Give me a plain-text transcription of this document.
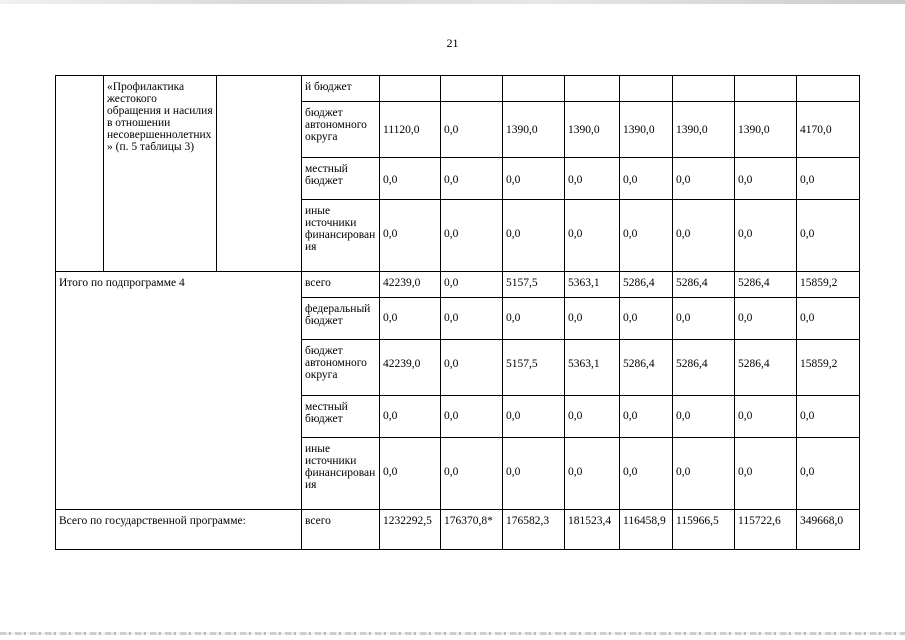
21
	«Профилактика жестокого обращения и насилия в отношении несовершеннолетних» (п. 5 таблицы 3)		й бюджет								
			бюджет автономного округа	11120,0	0,0	1390,0	1390,0	1390,0	1390,0	1390,0	4170,0
			местный бюджет	0,0	0,0	0,0	0,0	0,0	0,0	0,0	0,0
			иные источники финансирования	0,0	0,0	0,0	0,0	0,0	0,0	0,0	0,0
Итого по подпрограмме 4			всего	42239,0	0,0	5157,5	5363,1	5286,4	5286,4	5286,4	15859,2
			федеральный бюджет	0,0	0,0	0,0	0,0	0,0	0,0	0,0	0,0
			бюджет автономного округа	42239,0	0,0	5157,5	5363,1	5286,4	5286,4	5286,4	15859,2
			местный бюджет	0,0	0,0	0,0	0,0	0,0	0,0	0,0	0,0
			иные источники финансирования	0,0	0,0	0,0	0,0	0,0	0,0	0,0	0,0
Всего по государственной программе:			всего	1232292,5	176370,8*	176582,3	181523,4	116458,9	115966,5	115722,6	349668,0
